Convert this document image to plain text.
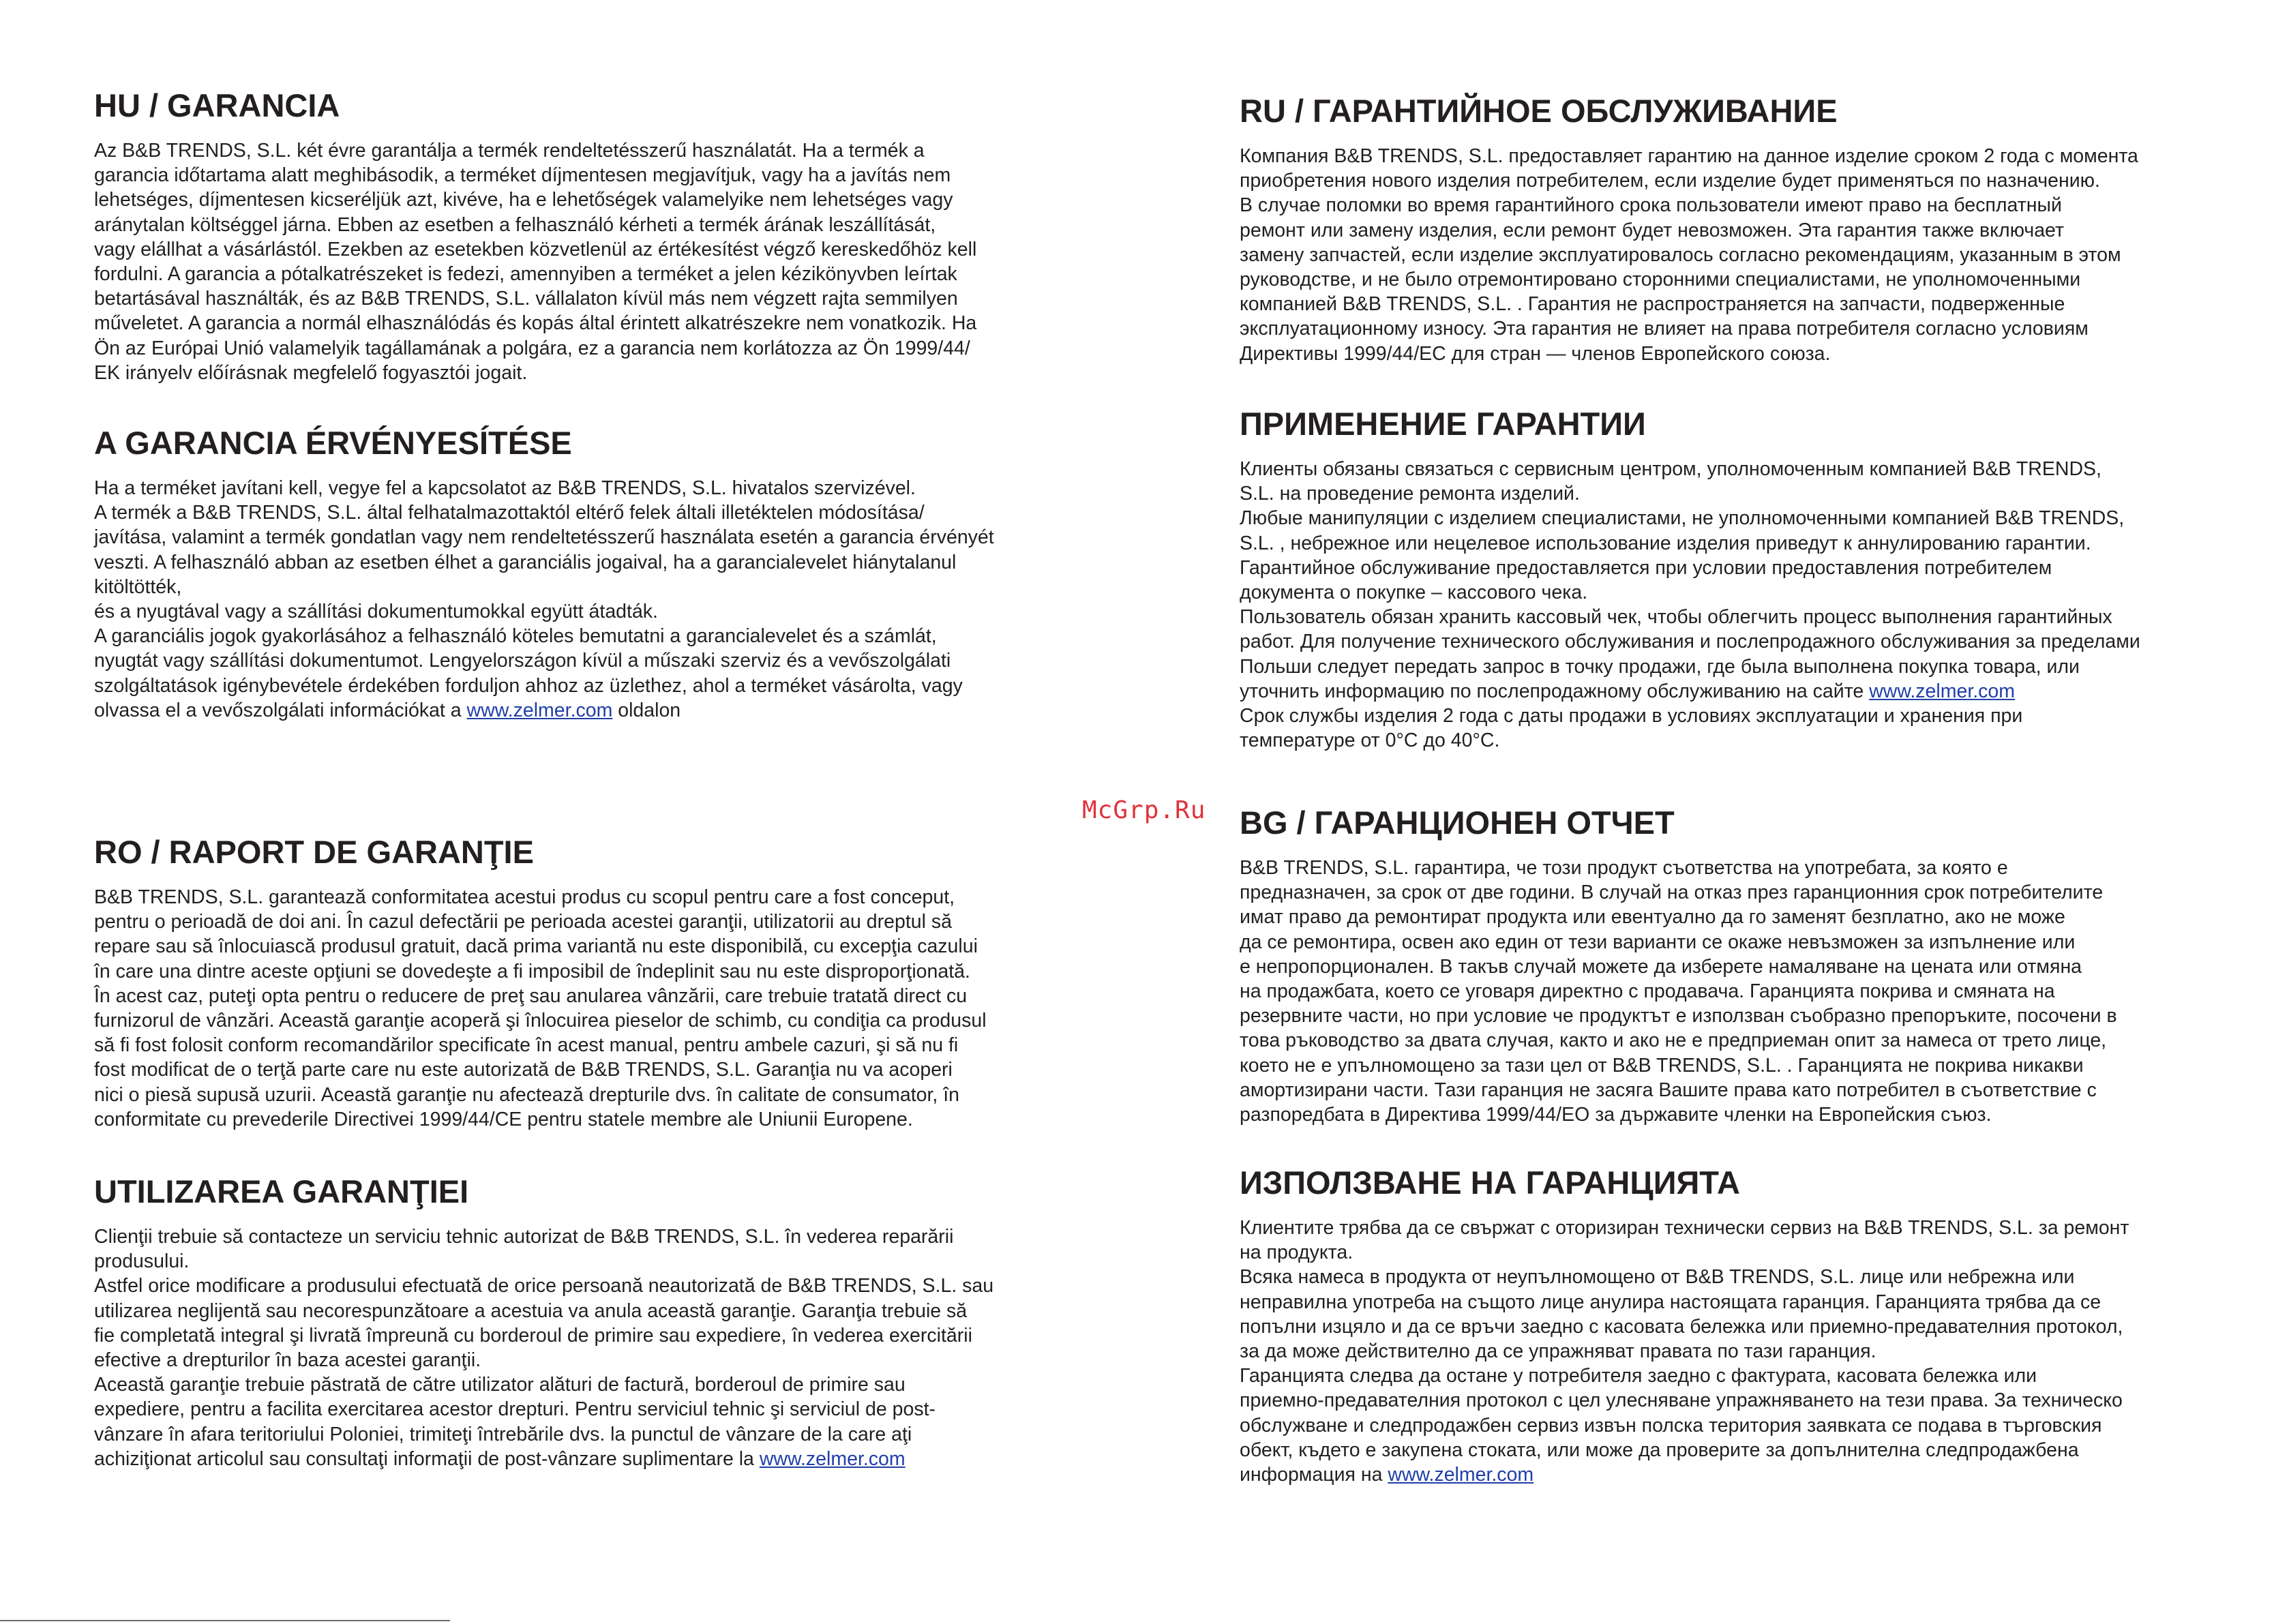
HU / GARANCIA

Az B&B TRENDS, S.L. két évre garantálja a termék rendeltetésszerű használatát. Ha a termék a
garancia időtartama alatt meghibásodik, a terméket díjmentesen megjavítjuk, vagy ha a javítás nem
lehetséges, díjmentesen kicseréljük azt, kivéve, ha e lehetőségek valamelyike nem lehetséges vagy
aránytalan költséggel járna. Ebben az esetben a felhasználó kérheti a termék árának leszállítását,
vagy elállhat a vásárlástól. Ezekben az esetekben közvetlenül az értékesítést végző kereskedőhöz kell
fordulni. A garancia a pótalkatrészeket is fedezi, amennyiben a terméket a jelen kézikönyvben leírtak
betartásával használták, és az B&B TRENDS, S.L. vállalaton kívül más nem végzett rajta semmilyen
műveletet. A garancia a normál elhasználódás és kopás által érintett alkatrészekre nem vonatkozik. Ha
Ön az Európai Unió valamelyik tagállamának a polgára, ez a garancia nem korlátozza az Ön 1999/44/
EK irányelv előírásnak megfelelő fogyasztói jogait.

A GARANCIA ÉRVÉNYESÍTÉSE

Ha a terméket javítani kell, vegye fel a kapcsolatot az B&B TRENDS, S.L. hivatalos szervizével.
A termék a B&B TRENDS, S.L. által felhatalmazottaktól eltérő felek általi illetéktelen módosítása/
javítása, valamint a termék gondatlan vagy nem rendeltetésszerű használata esetén a garancia érvényét
veszti. A felhasználó abban az esetben élhet a garanciális jogaival, ha a garancialevelet hiánytalanul
kitöltötték,
és a nyugtával vagy a szállítási dokumentumokkal együtt átadták.
A garanciális jogok gyakorlásához a felhasználó köteles bemutatni a garancialevelet és a számlát,
nyugtát vagy szállítási dokumentumot. Lengyelországon kívül a műszaki szerviz és a vevőszolgálati
szolgáltatások igénybevétele érdekében forduljon ahhoz az üzlethez, ahol a terméket vásárolta, vagy
olvassa el a vevőszolgálati információkat a www.zelmer.com oldalon

RO / RAPORT DE GARANŢIE

B&B TRENDS, S.L. garantează conformitatea acestui produs cu scopul pentru care a fost conceput,
pentru o perioadă de doi ani. În cazul defectării pe perioada acestei garanţii, utilizatorii au dreptul să
repare sau să înlocuiască produsul gratuit, dacă prima variantă nu este disponibilă, cu excepţia cazului
în care una dintre aceste opţiuni se dovedeşte a fi imposibil de îndeplinit sau nu este disproporţionată.
În acest caz, puteţi opta pentru o reducere de preţ sau anularea vânzării, care trebuie tratată direct cu
furnizorul de vânzări. Această garanţie acoperă şi înlocuirea pieselor de schimb, cu condiţia ca produsul
să fi fost folosit conform recomandărilor specificate în acest manual, pentru ambele cazuri, şi să nu fi
fost modificat de o terţă parte care nu este autorizată de B&B TRENDS, S.L. Garanţia nu va acoperi
nici o piesă supusă uzurii. Această garanţie nu afectează drepturile dvs. în calitate de consumator, în
conformitate cu prevederile Directivei 1999/44/CE pentru statele membre ale Uniunii Europene.

UTILIZAREA GARANŢIEI

Clienţii trebuie să contacteze un serviciu tehnic autorizat de B&B TRENDS, S.L. în vederea reparării
produsului.
Astfel orice modificare a produsului efectuată de orice persoană neautorizată de B&B TRENDS, S.L. sau
utilizarea neglijentă sau necorespunzătoare a acestuia va anula această garanţie. Garanţia trebuie să
fie completată integral şi livrată împreună cu borderoul de primire sau expediere, în vederea exercitării
efective a drepturilor în baza acestei garanţii.
Această garanţie trebuie păstrată de către utilizator alături de factură, borderoul de primire sau
expediere, pentru a facilita exercitarea acestor drepturi. Pentru serviciul tehnic şi serviciul de post-
vânzare în afara teritoriului Poloniei, trimiteţi întrebările dvs. la punctul de vânzare de la care aţi
achiziţionat articolul sau consultaţi informaţii de post-vânzare suplimentare la www.zelmer.com

McGrp.Ru
RU / ГАРАНТИЙНОЕ ОБСЛУЖИВАНИЕ

Компания B&B TRENDS, S.L. предоставляет гарантию на данное изделие сроком 2 года с момента
приобретения нового изделия потребителем, если изделие будет применяться по назначению.
В случае поломки во время гарантийного срока пользователи имеют право на бесплатный
ремонт или замену изделия, если ремонт будет невозможен. Эта гарантия также включает
замену запчастей, если изделие эксплуатировалось согласно рекомендациям, указанным в этом
руководстве, и не было отремонтировано сторонними специалистами, не уполномоченными
компанией B&B TRENDS, S.L. . Гарантия не распространяется на запчасти, подверженные
эксплуатационному износу. Эта гарантия не влияет на права потребителя согласно условиям
Директивы 1999/44/ЕС для стран — членов Европейского союза.

ПРИМЕНЕНИЕ ГАРАНТИИ

Клиенты обязаны связаться с сервисным центром, уполномоченным компанией B&B TRENDS,
S.L. на проведение ремонта изделий.
Любые манипуляции с изделием специалистами, не уполномоченными компанией B&B TRENDS,
S.L. , небрежное или нецелевое использование изделия приведут к аннулированию гарантии.
Гарантийное обслуживание предоставляется при условии предоставления потребителем
документа о покупке – кассового чека.
Пользователь обязан хранить кассовый чек, чтобы облегчить процесс выполнения гарантийных
работ. Для получение технического обслуживания и послепродажного обслуживания за пределами
Польши следует передать запрос в точку продажи, где была выполнена покупка товара, или
уточнить информацию по послепродажному обслуживанию на сайте www.zelmer.com
Срок службы изделия 2 года с даты продажи в условиях эксплуатации и хранения при
температуре от 0°C до 40°C.

BG / ГАРАНЦИОНЕН ОТЧЕТ

B&B TRENDS, S.L. гарантира, че този продукт съответства на употребата, за която е
предназначен, за срок от две години. В случай на отказ през гаранционния срок потребителите
имат право да ремонтират продукта или евентуално да го заменят безплатно, ако не може
да се ремонтира, освен ако един от тези варианти се окаже невъзможен за изпълнение или
е непропорционален. В такъв случай можете да изберете намаляване на цената или отмяна
на продажбата, което се уговаря директно с продавача. Гаранцията покрива и смяната на
резервните части, но при условие че продуктът е използван съобразно препоръките, посочени в
това ръководство за двата случая, както и ако не е предприеман опит за намеса от трето лице,
което не е упълномощено за тази цел от B&B TRENDS, S.L. . Гаранцията не покрива никакви
амортизирани части. Тази гаранция не засяга Вашите права като потребител в съответствие с
разпоредбата в Директива 1999/44/ЕО за държавите членки на Европейския съюз.

ИЗПОЛЗВАНЕ НА ГАРАНЦИЯТА

Клиентите трябва да се свържат с оторизиран технически сервиз на B&B TRENDS, S.L. за ремонт
на продукта.
Всяка намеса в продукта от неупълномощено от B&B TRENDS, S.L. лице или небрежна или
неправилна употреба на същото лице анулира настоящата гаранция. Гаранцията трябва да се
попълни изцяло и да се връчи заедно с касовата бележка или приемно-предавателния протокол,
за да може действително да се упражняват правата по тази гаранция.
Гаранцията следва да остане у потребителя заедно с фактурата, касовата бележка или
приемно-предавателния протокол с цел улесняване упражняването на тези права. За техническо
обслужване и следпродажбен сервиз извън полска територия заявката се подава в търговския
обект, където е закупена стоката, или може да проверите за допълнителна следпродажбена
информация на www.zelmer.com
